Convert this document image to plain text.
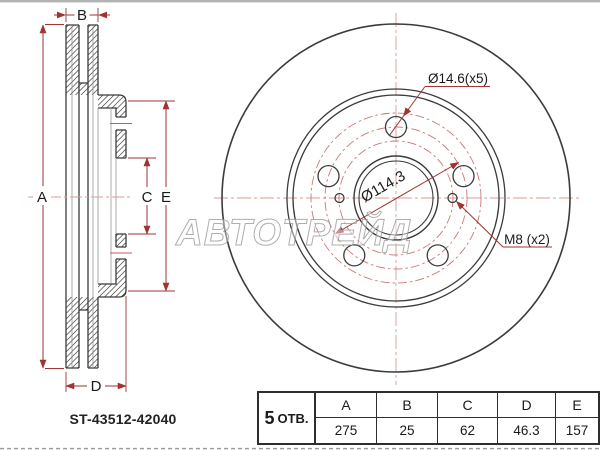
A
B
C E
D
Ø114.3
Ø14.6(x5)
M8 (x2)
АВТОТРЕЙД
ST-43512-42040	5 ОТВ.
A	B	C	D	E
275	25	62	46.3	157
